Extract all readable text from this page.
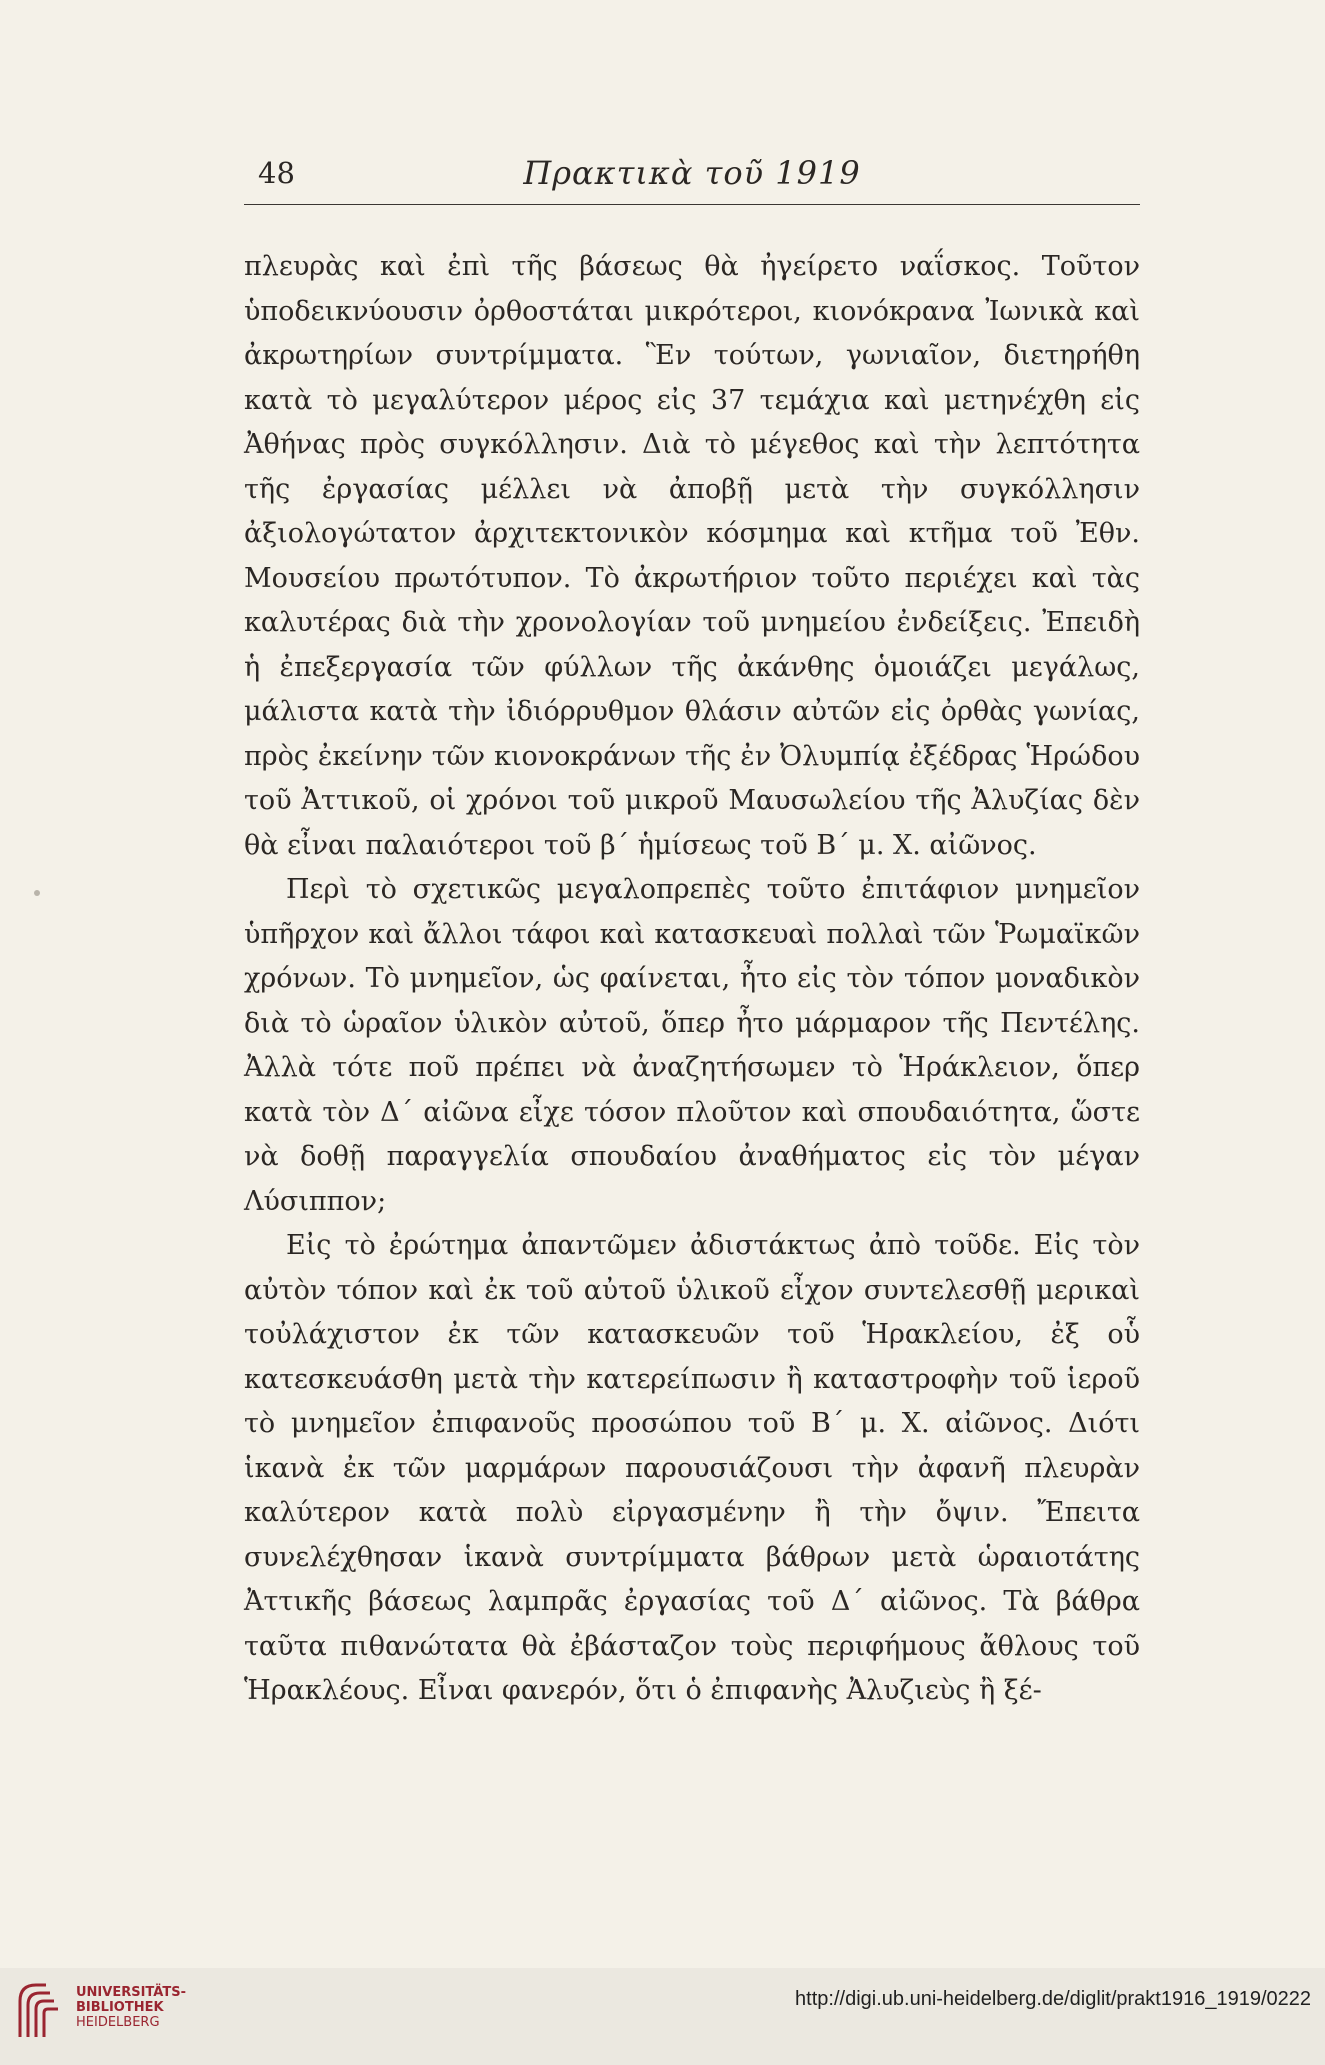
48	Πρακτικὰ τοῦ 1919

πλευρὰς καὶ ἐπὶ τῆς βάσεως θὰ ἠγείρετο ναΐσκος. Τοῦτον ὑποδεικνύουσιν ὀρθοστάται μικρότεροι, κιονόκρανα Ἰωνικὰ καὶ ἀκρωτηρίων συντρίμματα. Ἓν τούτων, γωνιαῖον, διετηρήθη κατὰ τὸ μεγαλύτερον μέρος εἰς 37 τεμάχια καὶ μετηνέχθη εἰς Ἀθήνας πρὸς συγκόλλησιν. Διὰ τὸ μέγεθος καὶ τὴν λεπτότητα τῆς ἐργασίας μέλλει νὰ ἀποβῇ μετὰ τὴν συγκόλλησιν ἀξιολογώτατον ἀρχιτεκτονικὸν κόσμημα καὶ κτῆμα τοῦ Ἐθν. Μουσείου πρωτότυπον. Τὸ ἀκρωτήριον τοῦτο περιέχει καὶ τὰς καλυτέρας διὰ τὴν χρονολογίαν τοῦ μνημείου ἐνδείξεις. Ἐπειδὴ ἡ ἐπεξεργασία τῶν φύλλων τῆς ἀκάνθης ὁμοιάζει μεγάλως, μάλιστα κατὰ τὴν ἰδιόρρυθμον θλάσιν αὐτῶν εἰς ὀρθὰς γωνίας, πρὸς ἐκείνην τῶν κιονοκράνων τῆς ἐν Ὀλυμπίᾳ ἐξέδρας Ἡρώδου τοῦ Ἀττικοῦ, οἱ χρόνοι τοῦ μικροῦ Μαυσωλείου τῆς Ἀλυζίας δὲν θὰ εἶναι παλαιότεροι τοῦ β΄ ἡμίσεως τοῦ Β΄ μ. Χ. αἰῶνος.

Περὶ τὸ σχετικῶς μεγαλοπρεπὲς τοῦτο ἐπιτάφιον μνημεῖον ὑπῆρχον καὶ ἄλλοι τάφοι καὶ κατασκευαὶ πολλαὶ τῶν Ῥωμαϊκῶν χρόνων. Τὸ μνημεῖον, ὡς φαίνεται, ἦτο εἰς τὸν τόπον μοναδικὸν διὰ τὸ ὡραῖον ὑλικὸν αὐτοῦ, ὅπερ ἦτο μάρμαρον τῆς Πεντέλης. Ἀλλὰ τότε ποῦ πρέπει νὰ ἀναζητήσωμεν τὸ Ἡράκλειον, ὅπερ κατὰ τὸν Δ΄ αἰῶνα εἶχε τόσον πλοῦτον καὶ σπουδαιότητα, ὥστε νὰ δοθῇ παραγγελία σπουδαίου ἀναθήματος εἰς τὸν μέγαν Λύσιππον;

Εἰς τὸ ἐρώτημα ἀπαντῶμεν ἀδιστάκτως ἀπὸ τοῦδε. Εἰς τὸν αὐτὸν τόπον καὶ ἐκ τοῦ αὐτοῦ ὑλικοῦ εἶχον συντελεσθῇ μερικαὶ τοὐλάχιστον ἐκ τῶν κατασκευῶν τοῦ Ἡρακλείου, ἐξ οὗ κατεσκευάσθη μετὰ τὴν κατερείπωσιν ἢ καταστροφὴν τοῦ ἱεροῦ τὸ μνημεῖον ἐπιφανοῦς προσώπου τοῦ Β΄ μ. Χ. αἰῶνος. Διότι ἱκανὰ ἐκ τῶν μαρμάρων παρουσιάζουσι τὴν ἀφανῆ πλευρὰν καλύτερον κατὰ πολὺ εἰργασμένην ἢ τὴν ὄψιν. Ἔπειτα συνελέχθησαν ἱκανὰ συντρίμματα βάθρων μετὰ ὡραιοτάτης Ἀττικῆς βάσεως λαμπρᾶς ἐργασίας τοῦ Δ΄ αἰῶνος. Τὰ βάθρα ταῦτα πιθανώτατα θὰ ἐβάσταζον τοὺς περιφήμους ἄθλους τοῦ Ἡρακλέους. Εἶναι φανερόν, ὅτι ὁ ἐπιφανὴς Ἀλυζιεὺς ἢ ξέ-

UNIVERSITÄTS-
BIBLIOTHEK
HEIDELBERG
http://digi.ub.uni-heidelberg.de/diglit/prakt1916_1919/0222
